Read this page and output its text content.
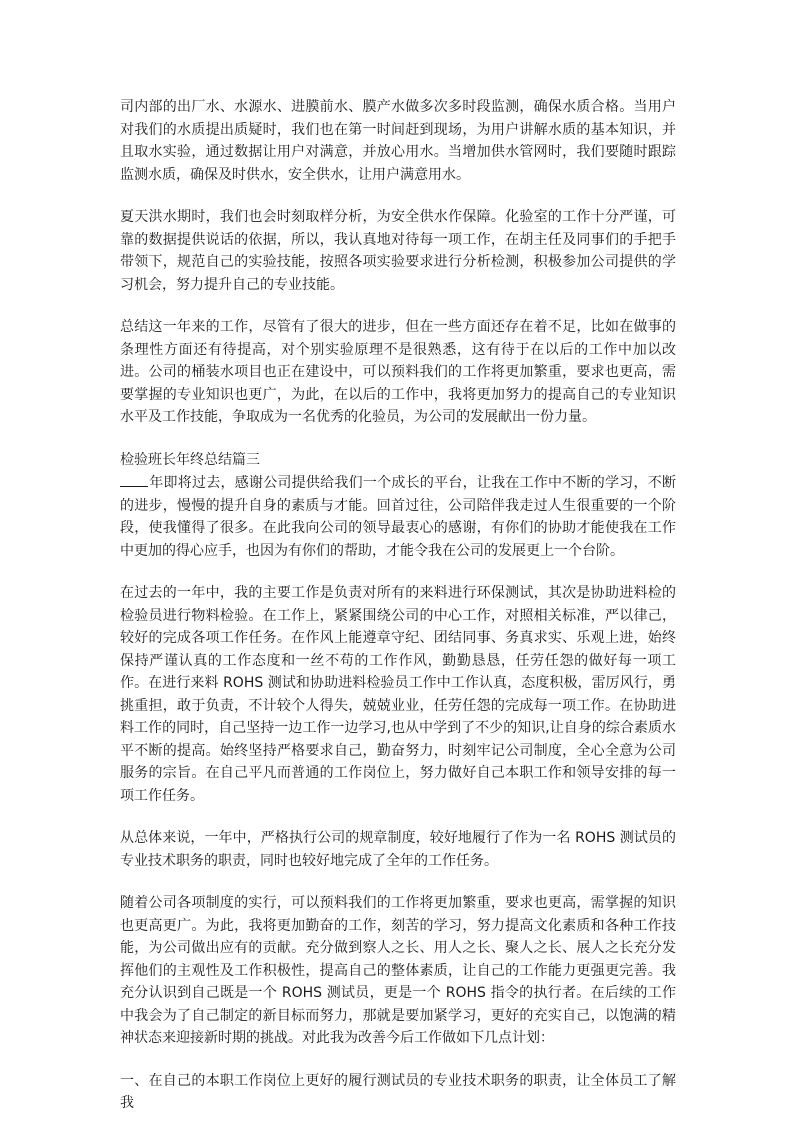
司内部的出厂水、水源水、进膜前水、膜产水做多次多时段监测，确保水质合格。当用户对我们的水质提出质疑时，我们也在第一时间赶到现场，为用户讲解水质的基本知识，并且取水实验，通过数据让用户对满意，并放心用水。当增加供水管网时，我们要随时跟踪监测水质，确保及时供水，安全供水，让用户满意用水。

夏天洪水期时，我们也会时刻取样分析，为安全供水作保障。化验室的工作十分严谨，可靠的数据提供说话的依据，所以，我认真地对待每一项工作，在胡主任及同事们的手把手带领下，规范自己的实验技能，按照各项实验要求进行分析检测，积极参加公司提供的学习机会，努力提升自己的专业技能。

总结这一年来的工作，尽管有了很大的进步，但在一些方面还存在着不足，比如在做事的条理性方面还有待提高，对个别实验原理不是很熟悉，这有待于在以后的工作中加以改进。公司的桶装水项目也正在建设中，可以预料我们的工作将更加繁重，要求也更高，需要掌握的专业知识也更广，为此，在以后的工作中，我将更加努力的提高自己的专业知识水平及工作技能，争取成为一名优秀的化验员，为公司的发展献出一份力量。

检验班长年终总结篇三

年即将过去，感谢公司提供给我们一个成长的平台，让我在工作中不断的学习，不断的进步，慢慢的提升自身的素质与才能。回首过往，公司陪伴我走过人生很重要的一个阶段，使我懂得了很多。在此我向公司的领导最衷心的感谢，有你们的协助才能使我在工作中更加的得心应手，也因为有你们的帮助，才能令我在公司的发展更上一个台阶。

在过去的一年中，我的主要工作是负责对所有的来料进行环保测试，其次是协助进料检的检验员进行物料检验。在工作上，紧紧围绕公司的中心工作，对照相关标准，严以律己，较好的完成各项工作任务。在作风上能遵章守纪、团结同事、务真求实、乐观上进，始终保持严谨认真的工作态度和一丝不苟的工作作风，勤勤恳恳，任劳任怨的做好每一项工作。在进行来料 ROHS 测试和协助进料检验员工作中工作认真，态度积极，雷厉风行，勇挑重担，敢于负责，不计较个人得失，兢兢业业，任劳任怨的完成每一项工作。在协助进料工作的同时，自己坚持一边工作一边学习,也从中学到了不少的知识,让自身的综合素质水平不断的提高。始终坚持严格要求自己，勤奋努力，时刻牢记公司制度，全心全意为公司服务的宗旨。在自己平凡而普通的工作岗位上，努力做好自己本职工作和领导安排的每一项工作任务。

从总体来说，一年中，严格执行公司的规章制度，较好地履行了作为一名 ROHS 测试员的专业技术职务的职责，同时也较好地完成了全年的工作任务。

随着公司各项制度的实行，可以预料我们的工作将更加繁重，要求也更高，需掌握的知识也更高更广。为此，我将更加勤奋的工作，刻苦的学习，努力提高文化素质和各种工作技能，为公司做出应有的贡献。充分做到察人之长、用人之长、聚人之长、展人之长充分发挥他们的主观性及工作积极性，提高自己的整体素质，让自己的工作能力更强更完善。我充分认识到自己既是一个 ROHS 测试员，更是一个 ROHS 指令的执行者。在后续的工作中我会为了自己制定的新目标而努力，那就是要加紧学习，更好的充实自己，以饱满的精神状态来迎接新时期的挑战。对此我为改善今后工作做如下几点计划：

一、在自己的本职工作岗位上更好的履行测试员的专业技术职务的职责，让全体员工了解我
